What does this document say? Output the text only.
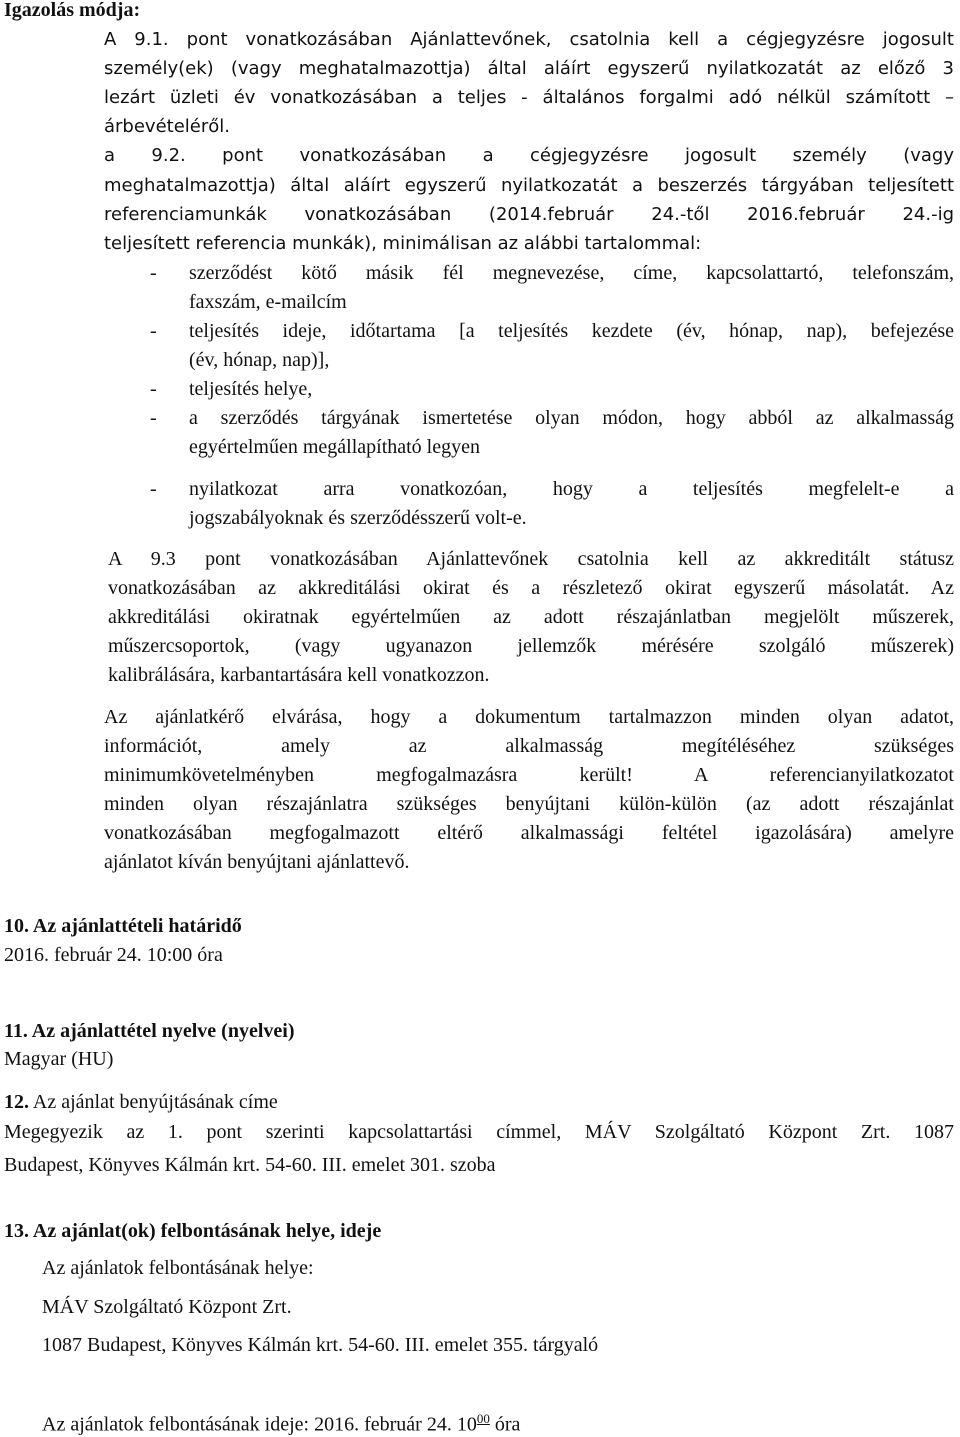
Igazolás módja:
A 9.1. pont vonatkozásában Ajánlattevőnek, csatolnia kell a cégjegyzésre jogosult
személy(ek) (vagy meghatalmazottja) által aláírt egyszerű nyilatkozatát az előző 3
lezárt üzleti év vonatkozásában a teljes - általános forgalmi adó nélkül számított –
árbevételéről.
a 9.2. pont vonatkozásában a cégjegyzésre jogosult személy (vagy
meghatalmazottja) által aláírt egyszerű nyilatkozatát a beszerzés tárgyában teljesített
referenciamunkák vonatkozásában (2014.február 24.-től 2016.február 24.-ig
teljesített referencia munkák), minimálisan az alábbi tartalommal:
- szerződést kötő másik fél megnevezése, címe, kapcsolattartó, telefonszám,
faxszám, e-mailcím
- teljesítés ideje, időtartama [a teljesítés kezdete (év, hónap, nap), befejezése
(év, hónap, nap)],
- teljesítés helye,
- a szerződés tárgyának ismertetése olyan módon, hogy abból az alkalmasság
egyértelműen megállapítható legyen
- nyilatkozat arra vonatkozóan, hogy a teljesítés megfelelt-e a
jogszabályoknak és szerződésszerű volt-e.
A 9.3 pont vonatkozásában Ajánlattevőnek csatolnia kell az akkreditált státusz
vonatkozásában az akkreditálási okirat és a részletező okirat egyszerű másolatát. Az
akkreditálási okiratnak egyértelműen az adott részajánlatban megjelölt műszerek,
műszercsoportok, (vagy ugyanazon jellemzők mérésére szolgáló műszerek)
kalibrálására, karbantartására kell vonatkozzon.
Az ajánlatkérő elvárása, hogy a dokumentum tartalmazzon minden olyan adatot,
információt, amely az alkalmasság megítéléséhez szükséges
minimumkövetelményben megfogalmazásra került! A referencianyilatkozatot
minden olyan részajánlatra szükséges benyújtani külön-külön (az adott részajánlat
vonatkozásában megfogalmazott eltérő alkalmassági feltétel igazolására) amelyre
ajánlatot kíván benyújtani ajánlattevő.
10. Az ajánlattételi határidő
2016. február 24. 10:00 óra
11. Az ajánlattétel nyelve (nyelvei)
Magyar (HU)
12. Az ajánlat benyújtásának címe
Megegyezik az 1. pont szerinti kapcsolattartási címmel, MÁV Szolgáltató Központ Zrt. 1087
Budapest, Könyves Kálmán krt. 54-60. III. emelet 301. szoba
13. Az ajánlat(ok) felbontásának helye, ideje
Az ajánlatok felbontásának helye:
MÁV Szolgáltató Központ Zrt.
1087 Budapest, Könyves Kálmán krt. 54-60. III. emelet 355. tárgyaló
Az ajánlatok felbontásának ideje: 2016. február 24. $10^{00}$ óra
